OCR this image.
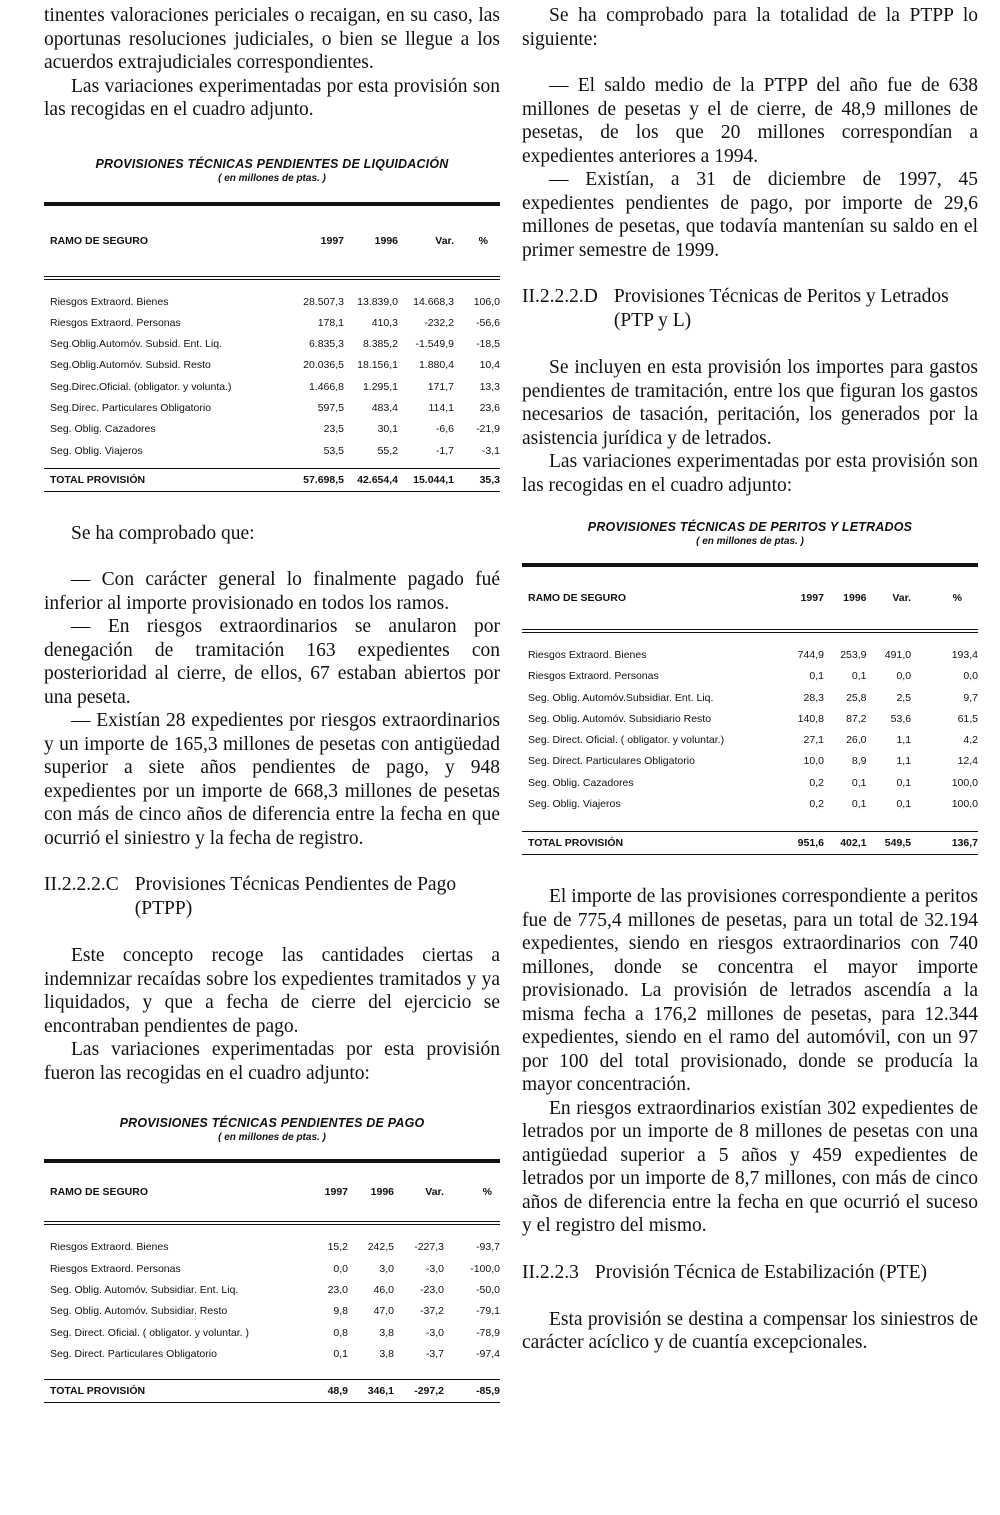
tinentes valoraciones periciales o recaigan, en su caso, las oportunas resoluciones judiciales, o bien se llegue a los acuerdos extrajudiciales correspondientes.

Las variaciones experimentadas por esta provisión son las recogidas en el cuadro adjunto.

PROVISIONES TÉCNICAS PENDIENTES DE LIQUIDACIÓN
( en millones de ptas. )
RAMO DE SEGURO	1997	1996	Var.	%
Riesgos Extraord. Bienes	28.507,3	13.839,0	14.668,3	106,0
Riesgos Extraord. Personas	178,1	410,3	-232,2	-56,6
Seg.Oblig.Automóv. Subsid. Ent. Liq.	6.835,3	8.385,2	-1.549,9	-18,5
Seg.Oblig.Automóv. Subsid. Resto	20.036,5	18.156,1	1.880,4	10,4
Seg.Direc.Oficial. (obligator. y volunta.)	1.466,8	1.295,1	171,7	13,3
Seg.Direc. Particulares Obligatorio	597,5	483,4	114,1	23,6
Seg. Oblig. Cazadores	23,5	30,1	-6,6	-21,9
Seg. Oblig. Viajeros	53,5	55,2	-1,7	-3,1
TOTAL PROVISIÓN	57.698,5	42.654,4	15.044,1	35,3

Se ha comprobado que:

— Con carácter general lo finalmente pagado fué inferior al importe provisionado en todos los ramos.

— En riesgos extraordinarios se anularon por denegación de tramitación 163 expedientes con posterioridad al cierre, de ellos, 67 estaban abiertos por una peseta.

— Existían 28 expedientes por riesgos extraordinarios y un importe de 165,3 millones de pesetas con antigüedad superior a siete años pendientes de pago, y 948 expedientes por un importe de 668,3 millones de pesetas con más de cinco años de diferencia entre la fecha en que ocurrió el siniestro y la fecha de registro.

II.2.2.2.C Provisiones Técnicas Pendientes de Pago (PTPP)

Este concepto recoge las cantidades ciertas a indemnizar recaídas sobre los expedientes tramitados y ya liquidados, y que a fecha de cierre del ejercicio se encontraban pendientes de pago.

Las variaciones experimentadas por esta provisión fueron las recogidas en el cuadro adjunto:

PROVISIONES TÉCNICAS PENDIENTES DE PAGO
( en millones de ptas. )
RAMO DE SEGURO	1997	1996	Var.	%
Riesgos Extraord. Bienes	15,2	242,5	-227,3	-93,7
Riesgos Extraord. Personas	0,0	3,0	-3,0	-100,0
Seg. Oblig. Automóv. Subsidiar. Ent. Liq.	23,0	46,0	-23,0	-50,0
Seg. Oblig. Automóv. Subsidiar. Resto	9,8	47,0	-37,2	-79,1
Seg. Direct. Oficial. ( obligator. y voluntar. )	0,8	3,8	-3,0	-78,9
Seg. Direct. Particulares Obligatorio	0,1	3,8	-3,7	-97,4
TOTAL PROVISIÓN	48,9	346,1	-297,2	-85,9

Se ha comprobado para la totalidad de la PTPP lo siguiente:

— El saldo medio de la PTPP del año fue de 638 millones de pesetas y el de cierre, de 48,9 millones de pesetas, de los que 20 millones correspondían a expedientes anteriores a 1994.

— Existían, a 31 de diciembre de 1997, 45 expedientes pendientes de pago, por importe de 29,6 millones de pesetas, que todavía mantenían su saldo en el primer semestre de 1999.

II.2.2.2.D Provisiones Técnicas de Peritos y Letrados (PTP y L)

Se incluyen en esta provisión los importes para gastos pendientes de tramitación, entre los que figuran los gastos necesarios de tasación, peritación, los generados por la asistencia jurídica y de letrados.

Las variaciones experimentadas por esta provisión son las recogidas en el cuadro adjunto:

PROVISIONES TÉCNICAS DE PERITOS Y LETRADOS
( en millones de ptas. )
RAMO DE SEGURO	1997	1996	Var.	%
Riesgos Extraord. Bienes	744,9	253,9	491,0	193,4
Riesgos Extraord. Personas	0,1	0,1	0,0	0,0
Seg. Oblig. Automóv.Subsidiar. Ent. Liq.	28,3	25,8	2,5	9,7
Seg. Oblig. Automóv. Subsidiario Resto	140,8	87,2	53,6	61,5
Seg. Direct. Oficial. ( obligator. y voluntar.)	27,1	26,0	1,1	4,2
Seg. Direct. Particulares Obligatorio	10,0	8,9	1,1	12,4
Seg. Oblig. Cazadores	0,2	0,1	0,1	100,0
Seg. Oblig. Viajeros	0,2	0,1	0,1	100,0
TOTAL PROVISIÓN	951,6	402,1	549,5	136,7

El importe de las provisiones correspondiente a peritos fue de 775,4 millones de pesetas, para un total de 32.194 expedientes, siendo en riesgos extraordinarios con 740 millones, donde se concentra el mayor importe provisionado. La provisión de letrados ascendía a la misma fecha a 176,2 millones de pesetas, para 12.344 expedientes, siendo en el ramo del automóvil, con un 97 por 100 del total provisionado, donde se producía la mayor concentración.

En riesgos extraordinarios existían 302 expedientes de letrados por un importe de 8 millones de pesetas con una antigüedad superior a 5 años y 459 expedientes de letrados por un importe de 8,7 millones, con más de cinco años de diferencia entre la fecha en que ocurrió el suceso y el registro del mismo.

II.2.2.3 Provisión Técnica de Estabilización (PTE)

Esta provisión se destina a compensar los siniestros de carácter acíclico y de cuantía excepcionales.
